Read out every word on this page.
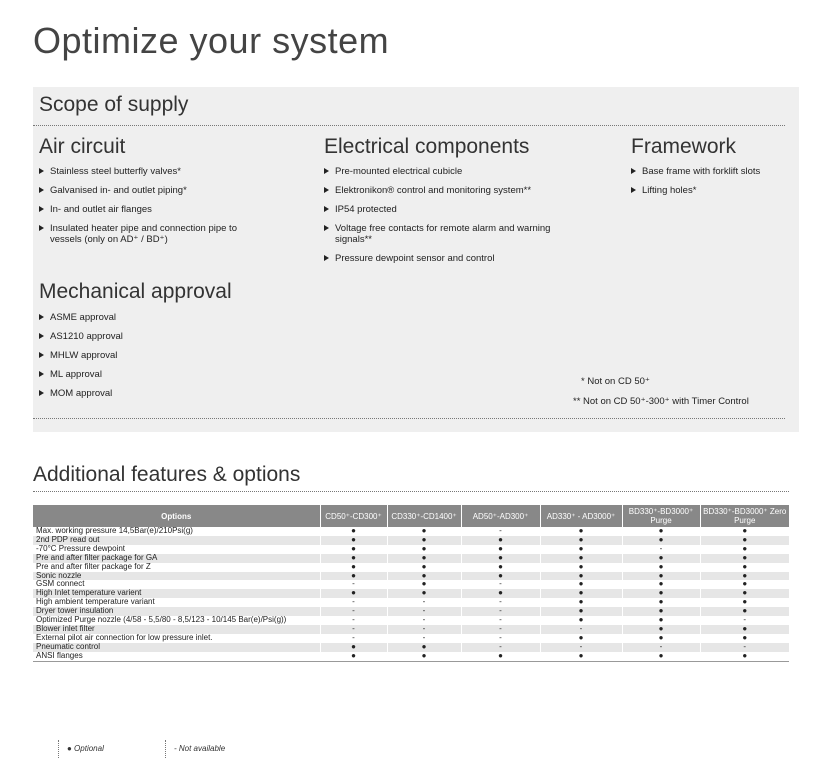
Optimize your system
Scope of supply
Air circuit
Stainless steel butterfly valves*
Galvanised in- and outlet piping*
In- and outlet air flanges
Insulated heater pipe and connection pipe to vessels (only on AD⁺ / BD⁺)
Electrical components
Pre-mounted electrical cubicle
Elektronikon® control and monitoring system**
IP54 protected
Voltage free contacts for remote alarm and warning signals**
Pressure dewpoint sensor and control
Framework
Base frame with forklift slots
Lifting holes*
Mechanical approval
ASME approval
AS1210 approval
MHLW approval
ML approval
MOM approval
* Not on CD 50⁺
** Not on CD 50⁺-300⁺ with Timer Control
Additional features & options
Options	CD50⁺-CD300⁺	CD330⁺-CD1400⁺	AD50⁺-AD300⁺	AD330⁺ - AD3000⁺	BD330⁺-BD3000⁺ Purge	BD330⁺-BD3000⁺ Zero Purge
Max. working pressure 14,5Bar(e)/210Psi(g)	●	●	-	●	●	●
2nd PDP read out	●	●	●	●	●	●
-70°C Pressure dewpoint	●	●	●	●	-	●
Pre and after filter package for GA	●	●	●	●	●	●
Pre and after filter package for Z	●	●	●	●	●	●
Sonic nozzle	●	●	●	●	●	●
GSM connect	-	●	-	●	●	●
High Inlet temperature varient	●	●	●	●	●	●
High ambient temperature variant	-	-	-	●	●	●
Dryer tower insulation	-	-	-	●	●	●
Optimized Purge nozzle (4/58 - 5,5/80 - 8,5/123 - 10/145 Bar(e)/Psi(g))	-	-	-	●	●	-
Blower inlet filter	-	-	-	-	●	●
External pilot air connection for low pressure inlet.	-	-	-	●	●	●
Pneumatic control	●	●	-	-	-	-
ANSI flanges	●	●	●	●	●	●
● Optional	- Not available
